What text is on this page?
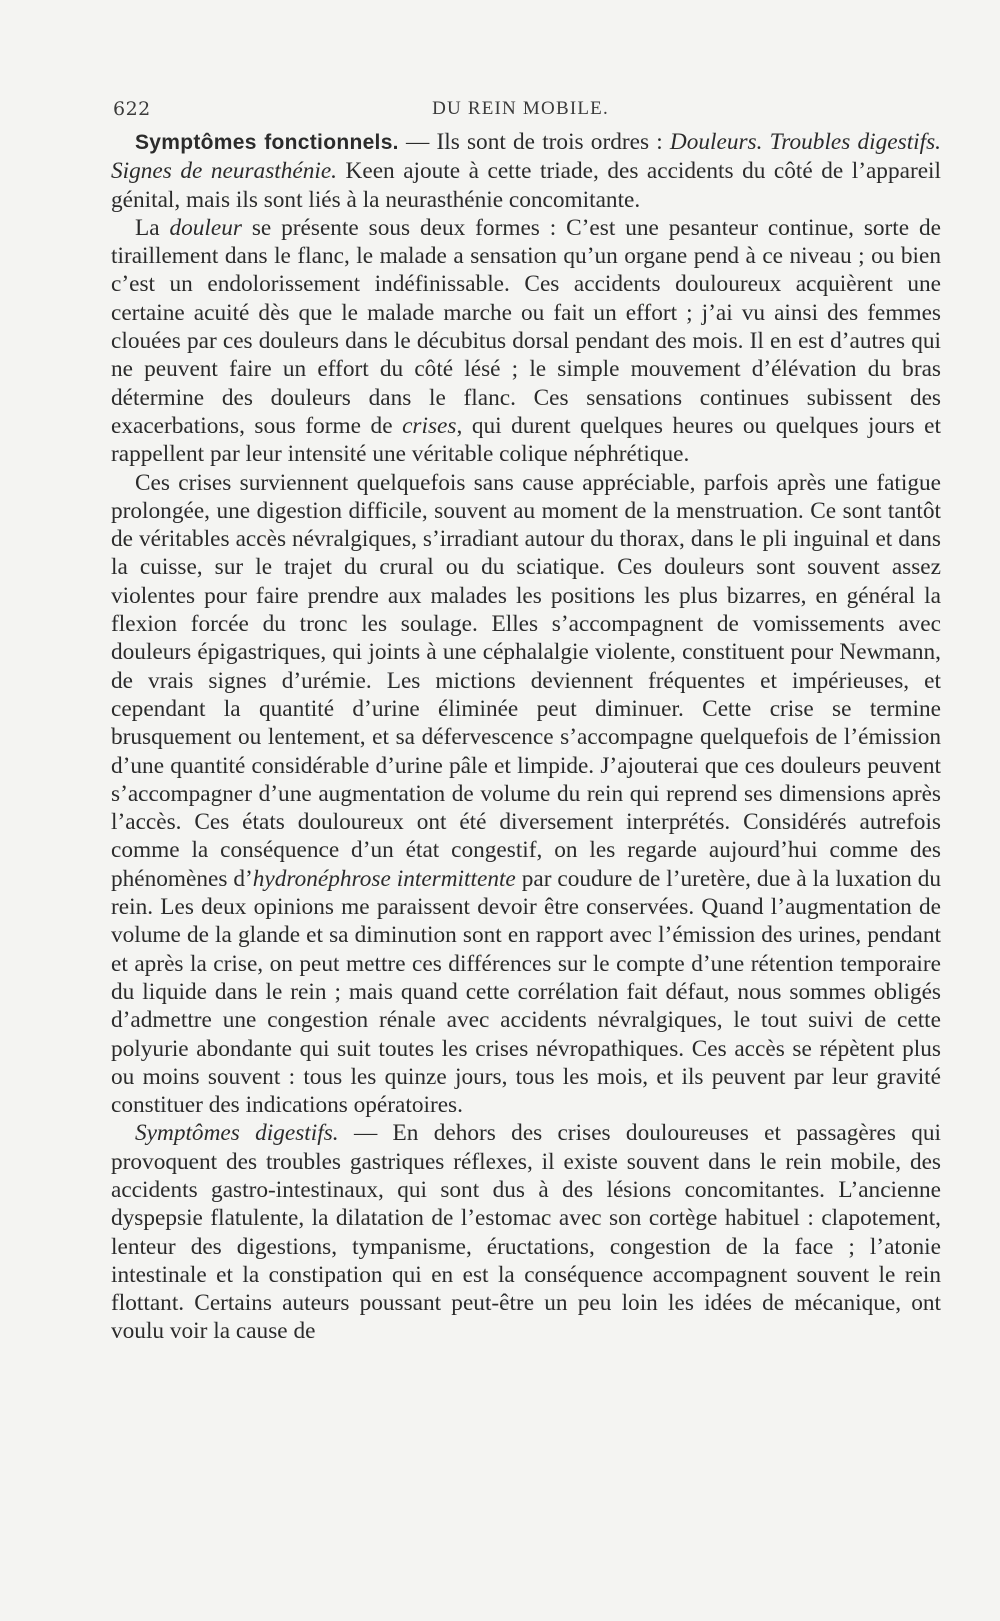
622	DU REIN MOBILE.

Symptômes fonctionnels. — Ils sont de trois ordres : Douleurs. Troubles digestifs. Signes de neurasthénie. Keen ajoute à cette triade, des accidents du côté de l’appareil génital, mais ils sont liés à la neurasthénie concomitante.

La douleur se présente sous deux formes : C’est une pesanteur continue, sorte de tiraillement dans le flanc, le malade a sensation qu’un organe pend à ce niveau ; ou bien c’est un endolorissement indéfinissable. Ces accidents douloureux acquièrent une certaine acuité dès que le malade marche ou fait un effort ; j’ai vu ainsi des femmes clouées par ces douleurs dans le décubitus dorsal pendant des mois. Il en est d’autres qui ne peuvent faire un effort du côté lésé ; le simple mouvement d’élévation du bras détermine des douleurs dans le flanc. Ces sensations continues subissent des exacerbations, sous forme de crises, qui durent quelques heures ou quelques jours et rappellent par leur intensité une véritable colique néphrétique.

Ces crises surviennent quelquefois sans cause appréciable, parfois après une fatigue prolongée, une digestion difficile, souvent au moment de la menstruation. Ce sont tantôt de véritables accès névralgiques, s’irradiant autour du thorax, dans le pli inguinal et dans la cuisse, sur le trajet du crural ou du sciatique. Ces douleurs sont souvent assez violentes pour faire prendre aux malades les positions les plus bizarres, en général la flexion forcée du tronc les soulage. Elles s’accompagnent de vomissements avec douleurs épigastriques, qui joints à une céphalalgie violente, constituent pour Newmann, de vrais signes d’urémie. Les mictions deviennent fréquentes et impérieuses, et cependant la quantité d’urine éliminée peut diminuer. Cette crise se termine brusquement ou lentement, et sa défervescence s’accompagne quelquefois de l’émission d’une quantité considérable d’urine pâle et limpide. J’ajouterai que ces douleurs peuvent s’accompagner d’une augmentation de volume du rein qui reprend ses dimensions après l’accès. Ces états douloureux ont été diversement interprétés. Considérés autrefois comme la conséquence d’un état congestif, on les regarde aujourd’hui comme des phénomènes d’hydronéphrose intermittente par coudure de l’uretère, due à la luxation du rein. Les deux opinions me paraissent devoir être conservées. Quand l’augmentation de volume de la glande et sa diminution sont en rapport avec l’émission des urines, pendant et après la crise, on peut mettre ces différences sur le compte d’une rétention temporaire du liquide dans le rein ; mais quand cette corrélation fait défaut, nous sommes obligés d’admettre une congestion rénale avec accidents névralgiques, le tout suivi de cette polyurie abondante qui suit toutes les crises névropathiques. Ces accès se répètent plus ou moins souvent : tous les quinze jours, tous les mois, et ils peuvent par leur gravité constituer des indications opératoires.

Symptômes digestifs. — En dehors des crises douloureuses et passagères qui provoquent des troubles gastriques réflexes, il existe souvent dans le rein mobile, des accidents gastro-intestinaux, qui sont dus à des lésions concomitantes. L’ancienne dyspepsie flatulente, la dilatation de l’estomac avec son cortège habituel : clapotement, lenteur des digestions, tympanisme, éructations, congestion de la face ; l’atonie intestinale et la constipation qui en est la conséquence accompagnent souvent le rein flottant. Certains auteurs poussant peut-être un peu loin les idées de mécanique, ont voulu voir la cause de
